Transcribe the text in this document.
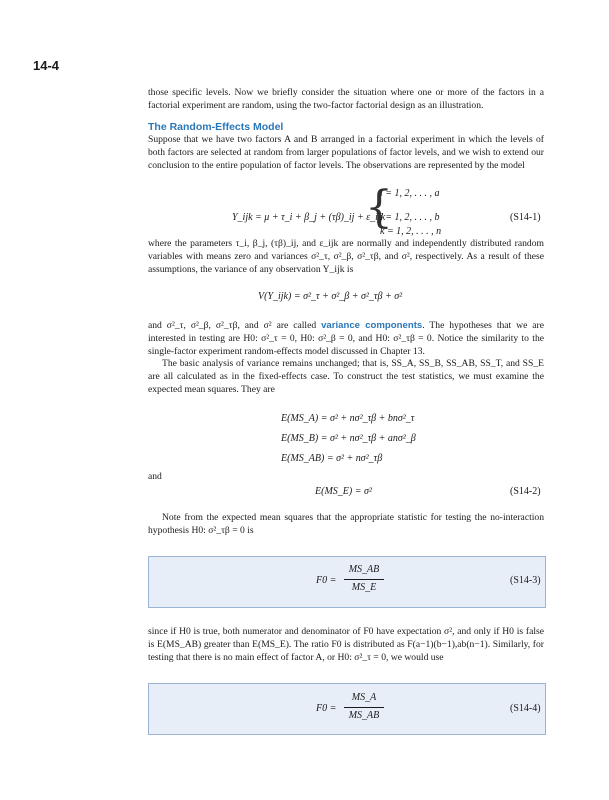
14-4
those specific levels. Now we briefly consider the situation where one or more of the factors in a factorial experiment are random, using the two-factor factorial design as an illustration.
The Random-Effects Model
Suppose that we have two factors A and B arranged in a factorial experiment in which the levels of both factors are selected at random from larger populations of factor levels, and we wish to extend our conclusion to the entire population of factor levels. The observations are represented by the model
Y_ijk = μ + τ_i + β_j + (τβ)_ij + ε_ijk
{
i = 1, 2, . . . , a
j = 1, 2, . . . , b
k = 1, 2, . . . , n
(S14-1)
where the parameters τ_i, β_j, (τβ)_ij, and ε_ijk are normally and independently distributed random variables with means zero and variances σ²_τ, σ²_β, σ²_τβ, and σ², respectively. As a result of these assumptions, the variance of any observation Y_ijk is
V(Y_ijk) = σ²_τ + σ²_β + σ²_τβ + σ²
and σ²_τ, σ²_β, σ²_τβ, and σ² are called variance components. The hypotheses that we are interested in testing are H0: σ²_τ = 0, H0: σ²_β = 0, and H0: σ²_τβ = 0. Notice the similarity to the single-factor experiment random-effects model discussed in Chapter 13.
The basic analysis of variance remains unchanged; that is, SS_A, SS_B, SS_AB, SS_T, and SS_E are all calculated as in the fixed-effects case. To construct the test statistics, we must examine the expected mean squares. They are
E(MS_A) = σ² + nσ²_τβ + bnσ²_τ
E(MS_B) = σ² + nσ²_τβ + anσ²_β
E(MS_AB) = σ² + nσ²_τβ
and
E(MS_E) = σ²	(S14-2)
Note from the expected mean squares that the appropriate statistic for testing the no-interaction hypothesis H0: σ²_τβ = 0 is
F0 =
MS_AB
MS_E
(S14-3)
since if H0 is true, both numerator and denominator of F0 have expectation σ², and only if H0 is false is E(MS_AB) greater than E(MS_E). The ratio F0 is distributed as F(a−1)(b−1),ab(n−1). Similarly, for testing that there is no main effect of factor A, or H0: σ²_τ = 0, we would use
F0 =
MS_A
MS_AB
(S14-4)
